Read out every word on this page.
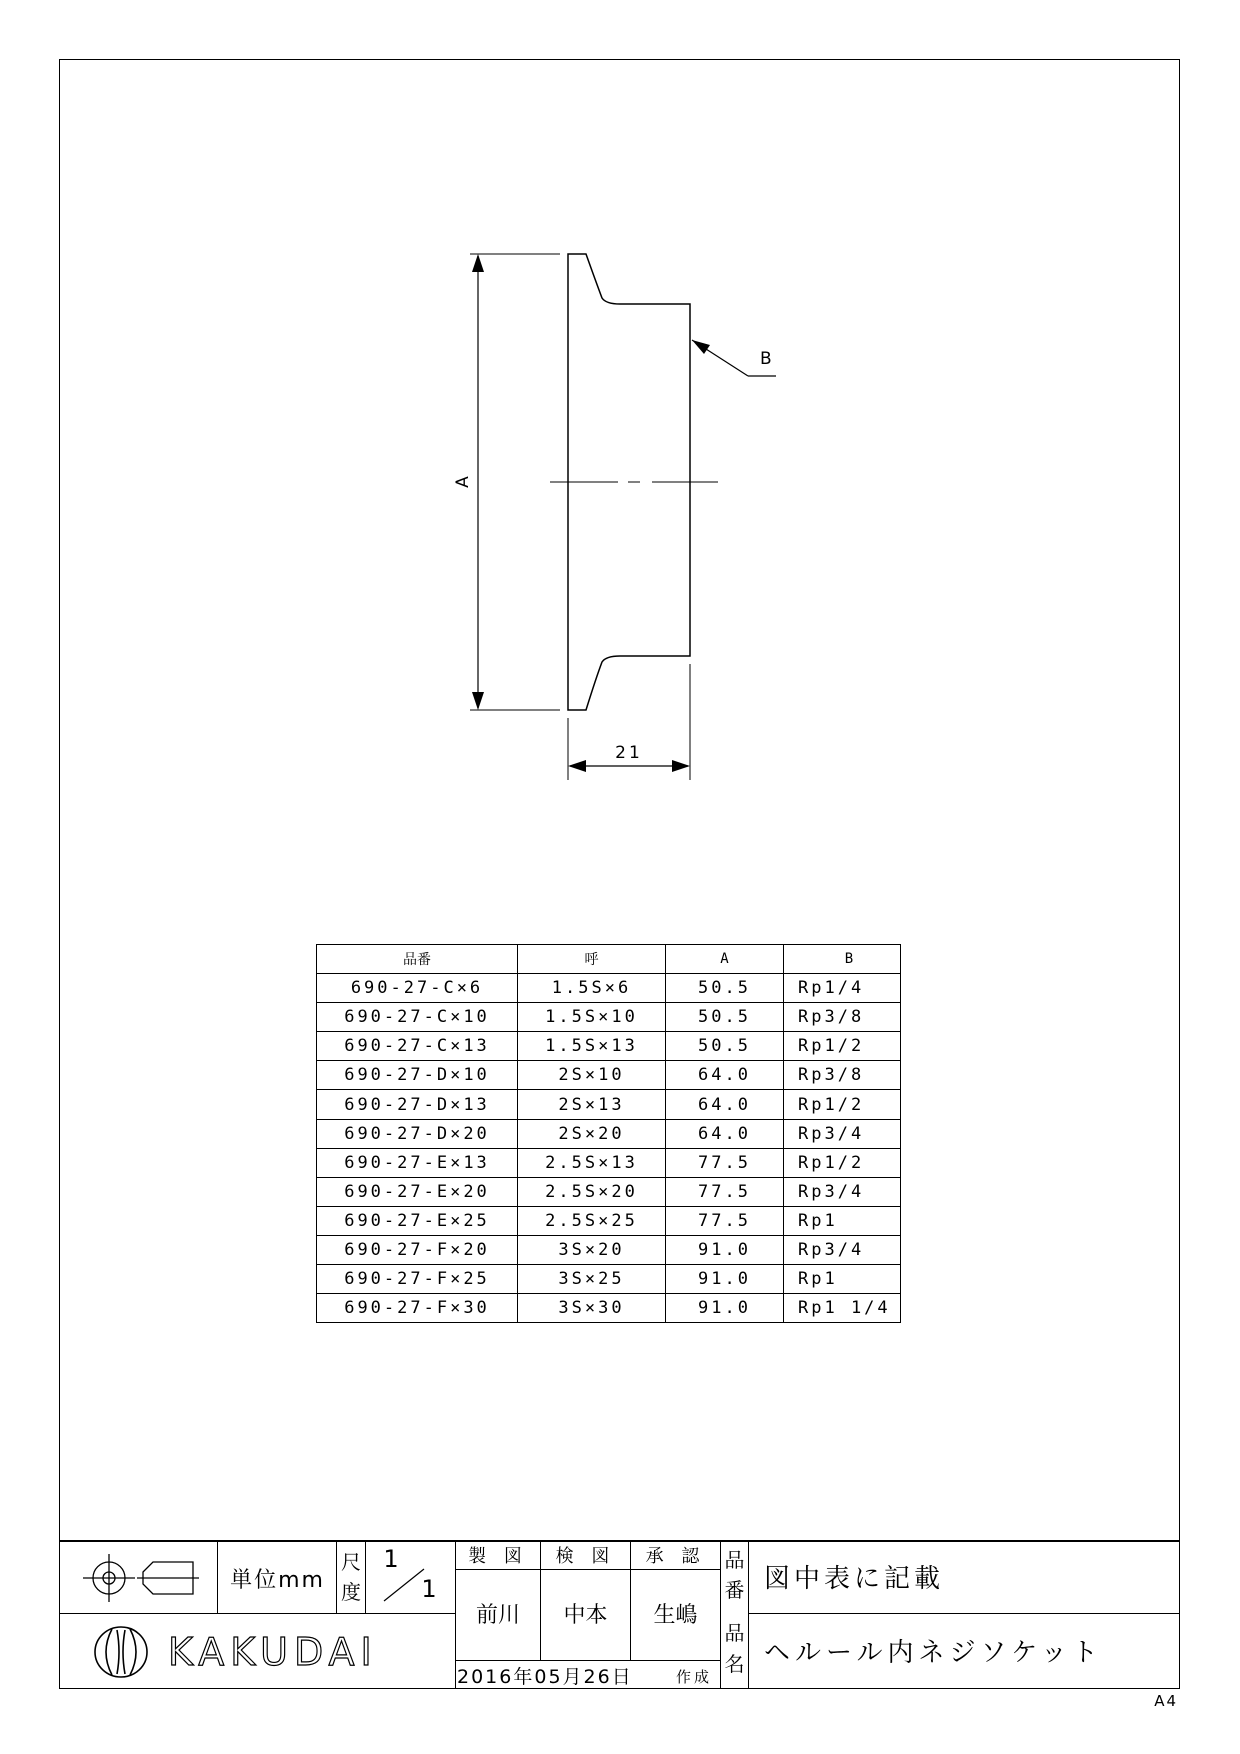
A
B
21
品番	呼	A	B
690-27-C×6	1.5S×6	50.5	Rp1/4
690-27-C×10	1.5S×10	50.5	Rp3/8
690-27-C×13	1.5S×13	50.5	Rp1/2
690-27-D×10	2S×10	64.0	Rp3/8
690-27-D×13	2S×13	64.0	Rp1/2
690-27-D×20	2S×20	64.0	Rp3/4
690-27-E×13	2.5S×13	77.5	Rp1/2
690-27-E×20	2.5S×20	77.5	Rp3/4
690-27-E×25	2.5S×25	77.5	Rp1
690-27-F×20	3S×20	91.0	Rp3/4
690-27-F×25	3S×25	91.0	Rp1
690-27-F×30	3S×30	91.0	Rp1 1/4
単位mm
尺
度
1
1
製 図	検 図	承 認
前川	中本	生嶋
2016年05月26日	作成
品
番 図中表に記載
品
名 ヘルール内ネジソケット
KAKUDAI
A4
